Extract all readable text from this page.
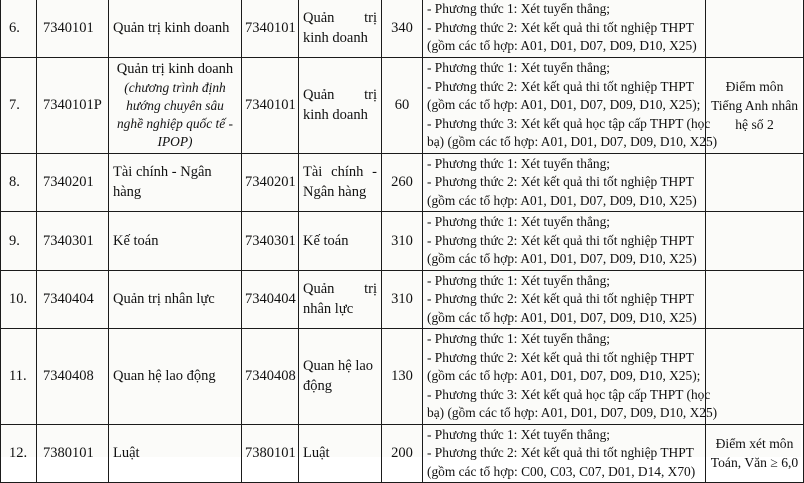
6.	7340101	Quản trị kinh doanh	7340101	Quản trị
kinh doanh	340	- Phương thức 1: Xét tuyển thẳng;
- Phương thức 2: Xét kết quả thi tốt nghiệp THPT
(gồm các tổ hợp: A01, D01, D07, D09, D10, X25)	

7.	7340101P	Quản trị kinh doanh
(chương trình định hướng chuyên sâu nghề nghiệp quốc tế - IPOP)	7340101	Quản trị
kinh doanh	60	- Phương thức 1: Xét tuyển thẳng;
- Phương thức 2: Xét kết quả thi tốt nghiệp THPT
(gồm các tổ hợp: A01, D01, D07, D09, D10, X25);
- Phương thức 3: Xét kết quả học tập cấp THPT (học
bạ) (gồm các tổ hợp: A01, D01, D07, D09, D10, X25)	Điểm môn Tiếng Anh nhân hệ số 2
8.	7340201	Tài chính - Ngân hàng	7340201	Tài chính -
Ngân hàng	260	- Phương thức 1: Xét tuyển thẳng;
- Phương thức 2: Xét kết quả thi tốt nghiệp THPT
(gồm các tổ hợp: A01, D01, D07, D09, D10, X25)	

9.	7340301	Kế toán	7340301	Kế toán	310	- Phương thức 1: Xét tuyển thẳng;
- Phương thức 2: Xét kết quả thi tốt nghiệp THPT
(gồm các tổ hợp: A01, D01, D07, D09, D10, X25)	

10.	7340404	Quản trị nhân lực	7340404	Quản trị
nhân lực	310	- Phương thức 1: Xét tuyển thẳng;
- Phương thức 2: Xét kết quả thi tốt nghiệp THPT
(gồm các tổ hợp: A01, D01, D07, D09, D10, X25)	

11.	7340408	Quan hệ lao động	7340408	Quan hệ lao
động	130	- Phương thức 1: Xét tuyển thẳng;
- Phương thức 2: Xét kết quả thi tốt nghiệp THPT
(gồm các tổ hợp: A01, D01, D07, D09, D10, X25);
- Phương thức 3: Xét kết quả học tập cấp THPT (học
bạ) (gồm các tổ hợp: A01, D01, D07, D09, D10, X25)	

12.	7380101	Luật	7380101	Luật	200	- Phương thức 1: Xét tuyển thẳng;
- Phương thức 2: Xét kết quả thi tốt nghiệp THPT
(gồm các tổ hợp: C00, C03, C07, D01, D14, X70)	Điểm xét môn Toán, Văn ≥ 6,0
